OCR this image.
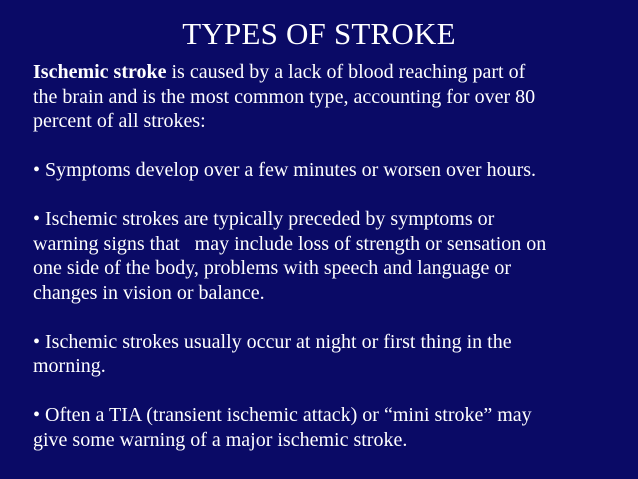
TYPES OF STROKE

Ischemic stroke is caused by a lack of blood reaching part of

the brain and is the most common type, accounting for over 80

percent of all strokes:

• Symptoms develop over a few minutes or worsen over hours.

• Ischemic strokes are typically preceded by symptoms or

warning signs that   may include loss of strength or sensation on

one side of the body, problems with speech and language or

changes in vision or balance.

• Ischemic strokes usually occur at night or first thing in the

morning.

• Often a TIA (transient ischemic attack) or “mini stroke” may

give some warning of a major ischemic stroke.
